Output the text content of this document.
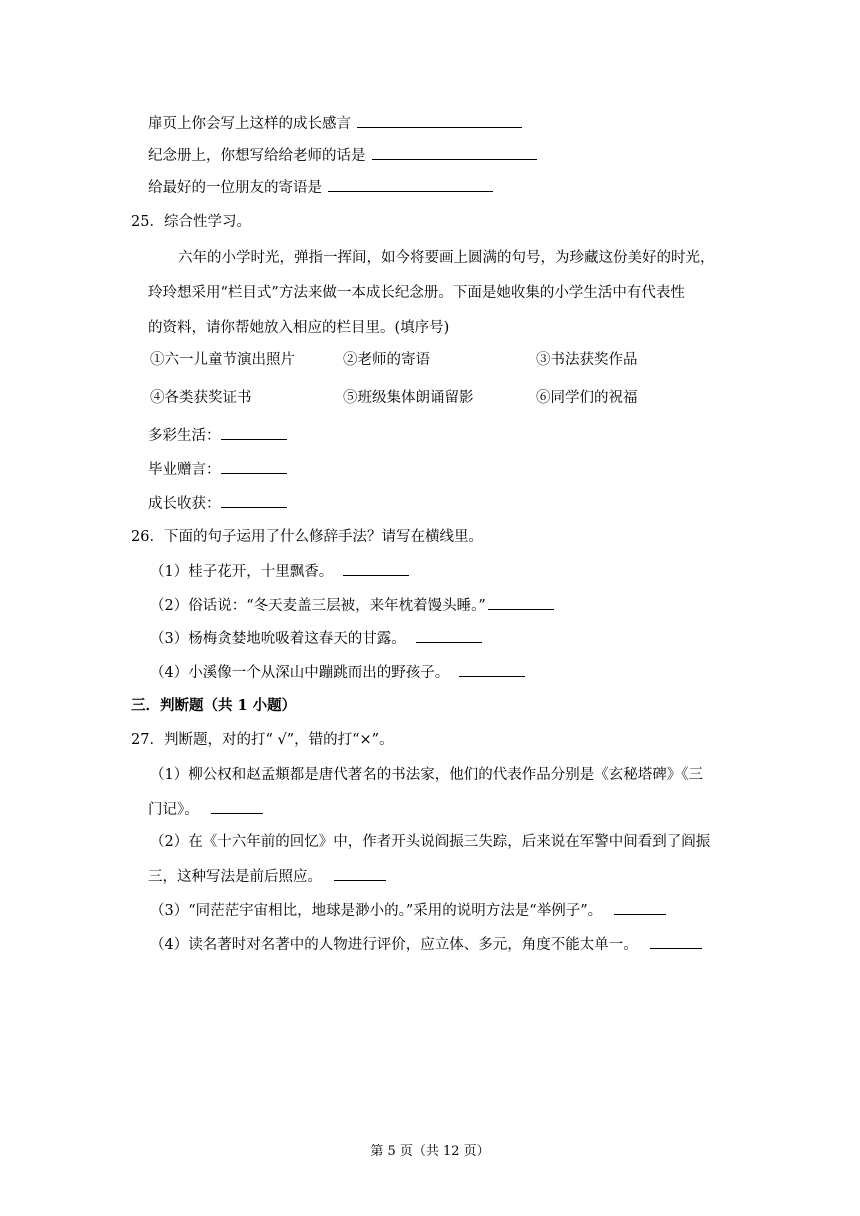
扉页上你会写上这样的成长感言
纪念册上，你想写给给老师的话是
给最好的一位朋友的寄语是
25．综合性学习。
六年的小学时光，弹指一挥间，如今将要画上圆满的句号，为珍藏这份美好的时光，
玲玲想采用“栏目式”方法来做一本成长纪念册。下面是她收集的小学生活中有代表性
的资料，请你帮她放入相应的栏目里。(填序号)
①六一儿童节演出照片	②老师的寄语	③书法获奖作品
④各类获奖证书	⑤班级集体朗诵留影	⑥同学们的祝福
多彩生活：
毕业赠言：
成长收获：
26．下面的句子运用了什么修辞手法？请写在横线里。
（1）桂子花开，十里飘香。
（2）俗话说：“冬天麦盖三层被，来年枕着馒头睡。”
（3）杨梅贪婪地吮吸着这春天的甘露。
（4）小溪像一个从深山中蹦跳而出的野孩子。
三．判断题（共 1 小题）
27．判断题，对的打“ √”，错的打“×”。
（1）柳公权和赵孟頫都是唐代著名的书法家，他们的代表作品分别是《玄秘塔碑》《三
门记》。
（2）在《十六年前的回忆》中，作者开头说阎振三失踪，后来说在军警中间看到了阎振
三，这种写法是前后照应。
（3）“同茫茫宇宙相比，地球是渺小的。”采用的说明方法是“举例子”。
（4）读名著时对名著中的人物进行评价，应立体、多元，角度不能太单一。
第 5 页（共 12 页）
